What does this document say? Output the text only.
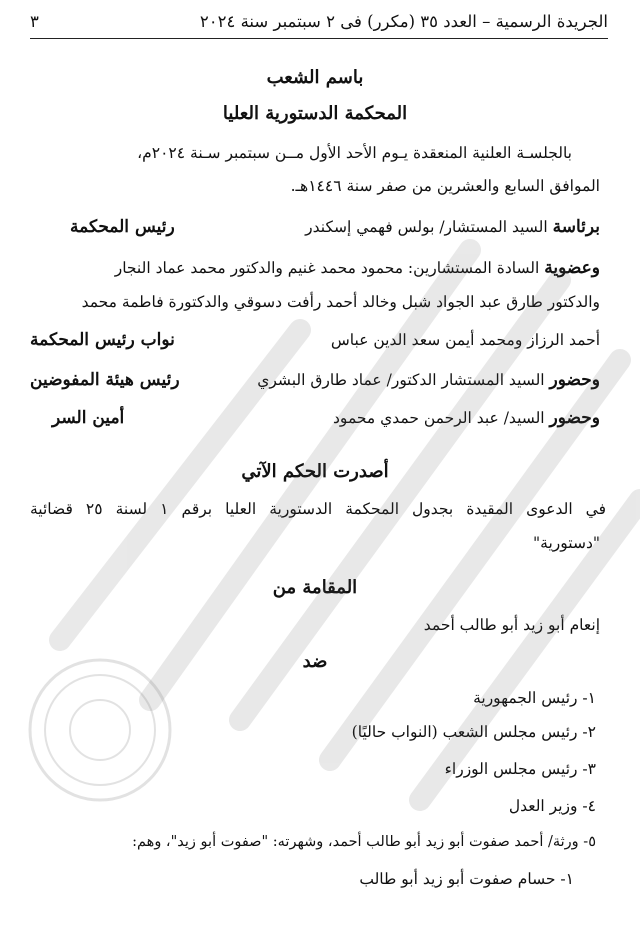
الجريدة الرسمية – العدد ٣٥ (مكرر) فى ٢ سبتمبر سنة ٢٠٢٤
٣
باسم الشعب
المحكمة الدستورية العليا
بالجلسـة العلنية المنعقدة يـوم الأحد الأول مــن سبتمبر سـنة ٢٠٢٤م،
الموافق السابع والعشرين من صفر سنة ١٤٤٦هـ.
برئاسة السيد المستشار/ بولس فهمي إسكندر
رئيس المحكمة
وعضوية السادة المستشارين: محمود محمد غنيم والدكتور محمد عماد النجار
والدكتور طارق عبد الجواد شبل وخالد أحمد رأفت دسوقي والدكتورة فاطمة محمد
أحمد الرزاز ومحمد أيمن سعد الدين عباس
نواب رئيس المحكمة
وحضور السيد المستشار الدكتور/ عماد طارق البشري
رئيس هيئة المفوضين
وحضور السيد/ عبد الرحمن حمدي محمود
أمين السر
أصدرت الحكم الآتي
في الدعوى المقيدة بجدول المحكمة الدستورية العليا برقم ١ لسنة ٢٥ قضائية
"دستورية"
المقامة من
إنعام أبو زيد أبو طالب أحمد
ضد
١- رئيس الجمهورية
٢- رئيس مجلس الشعب (النواب حاليًا)
٣- رئيس مجلس الوزراء
٤- وزير العدل
٥- ورثة/ أحمد صفوت أبو زيد أبو طالب أحمد، وشهرته: "صفوت أبو زيد"، وهم:
١- حسام صفوت أبو زيد أبو طالب
